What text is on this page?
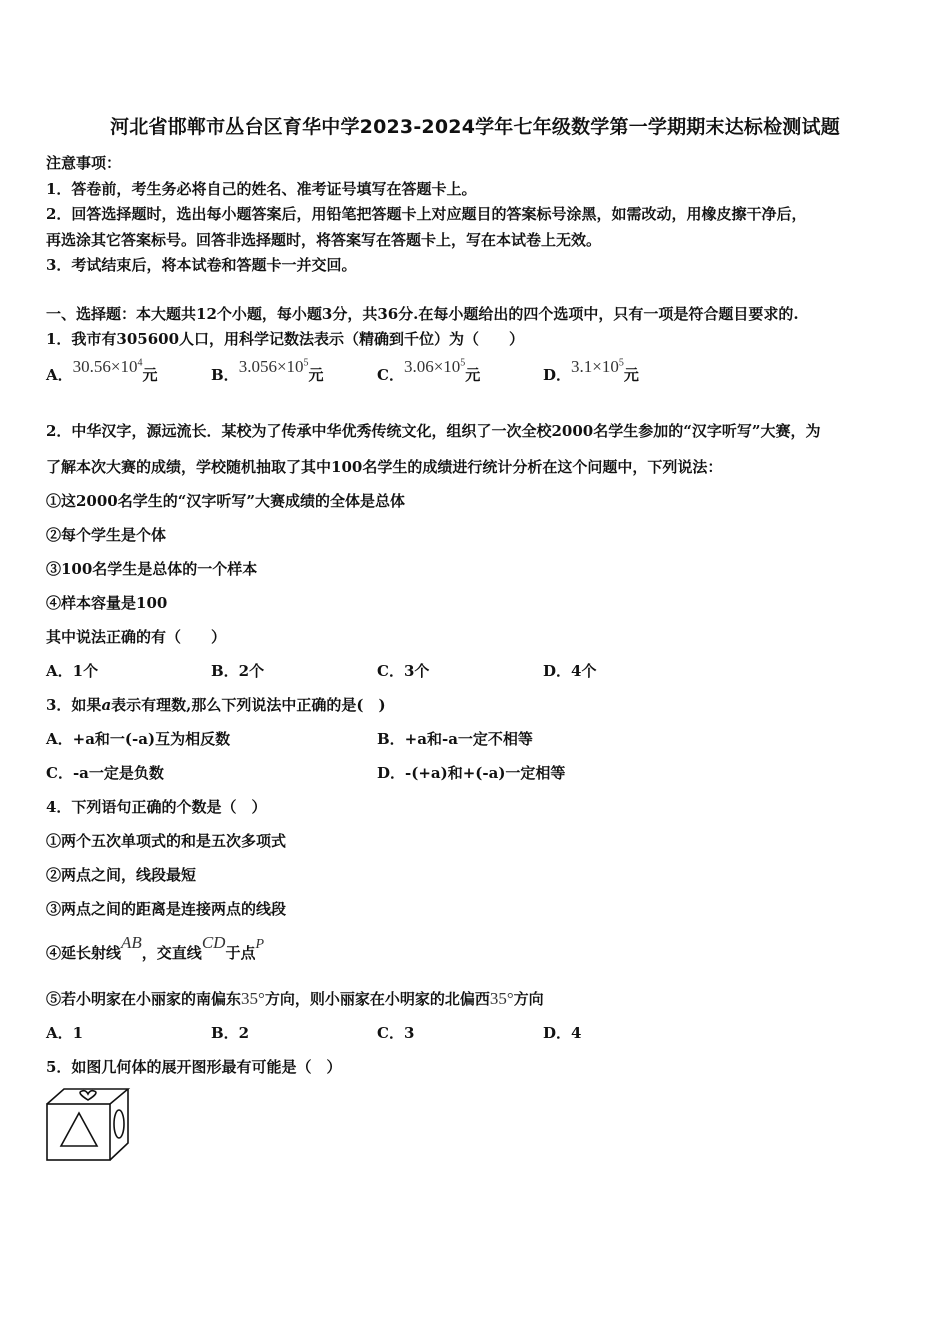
河北省邯郸市丛台区育华中学2023-2024学年七年级数学第一学期期末达标检测试题
注意事项：
1．答卷前，考生务必将自己的姓名、准考证号填写在答题卡上。
2．回答选择题时，选出每小题答案后，用铅笔把答题卡上对应题目的答案标号涂黑，如需改动，用橡皮擦干净后，
再选涂其它答案标号。回答非选择题时，将答案写在答题卡上，写在本试卷上无效。
3．考试结束后，将本试卷和答题卡一并交回。
一、选择题：本大题共12个小题，每小题3分，共36分.在每小题给出的四个选项中，只有一项是符合题目要求的.
1．我市有305600人口，用科学记数法表示（精确到千位）为（　　）
A．$30.56\times 10^4$元	B．$3.056\times 10^5$元	C．$3.06\times 10^5$元	D．$3.1\times 10^5$元
2．中华汉字，源远流长．某校为了传承中华优秀传统文化，组织了一次全校2000名学生参加的“汉字听写”大赛，为
了解本次大赛的成绩，学校随机抽取了其中100名学生的成绩进行统计分析在这个问题中，下列说法：
①这2000名学生的“汉字听写”大赛成绩的全体是总体
②每个学生是个体
③100名学生是总体的一个样本
④样本容量是100
其中说法正确的有（　　）
A．1个	B．2个	C．3个	D．4个
3．如果a表示有理数,那么下列说法中正确的是(　)
A．+a和一(-a)互为相反数	B．+a和-a一定不相等
C．-a一定是负数	D．-(+a)和+(-a)一定相等
4．下列语句正确的个数是（　）
①两个五次单项式的和是五次多项式
②两点之间，线段最短
③两点之间的距离是连接两点的线段
④延长射线AB，交直线CD于点P
⑤若小明家在小丽家的南偏东35°方向，则小丽家在小明家的北偏西35°方向
A．1	B．2	C．3	D．4
5．如图几何体的展开图形最有可能是（　）
